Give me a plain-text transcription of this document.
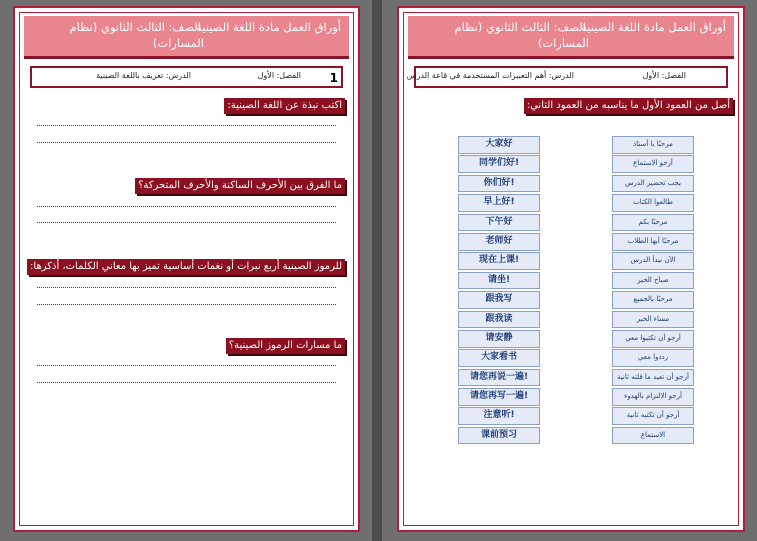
أوراق العمل مادة اللغة الصينية
الصف: الثالث الثانوي (نظام
المسارات)
1
الفصل: الأول
الدرس: تعريف باللغة الصينية
اكتب نبذة عن اللغة الصينية:
ما الفرق بين الأحرف الساكنة والأحرف المتحركة؟
للرموز الصينية أربع نبرات أو نغمات أساسية تميز بها معاني الكلمات، أذكرها:
ما مسارات الرموز الصينية؟
أوراق العمل مادة اللغة الصينية
الصف: الثالث الثانوي (نظام
المسارات)
الفصل: الأول
الدرس: أهم التعبيرات المستخدمة في قاعة الدرس
أصل من العمود الأول ما يناسبه من العمود الثاني:
大家好
同学们好!
你们好!
早上好!
下午好
老师好
现在上课!
请坐!
跟我写
跟我读
请安静
大家看书
请您再说一遍!
请您再写一遍!
注意听!
课前预习
مرحبًا يا أستاذ
أرجو الاستماع
يجب تحضير الدرس
طالعوا الكتاب
مرحبًا بكم
مرحبًا أيها الطلاب
الآن نبدأ الدرس
صباح الخير
مرحبًا بالجميع
مساء الخير
أرجو أن تكتبوا معي
رددوا معي
أرجو أن تعيد ما قلته ثانية
أرجو الالتزام بالهدوء
أرجو أن تكتبه ثانية
الاستماع
